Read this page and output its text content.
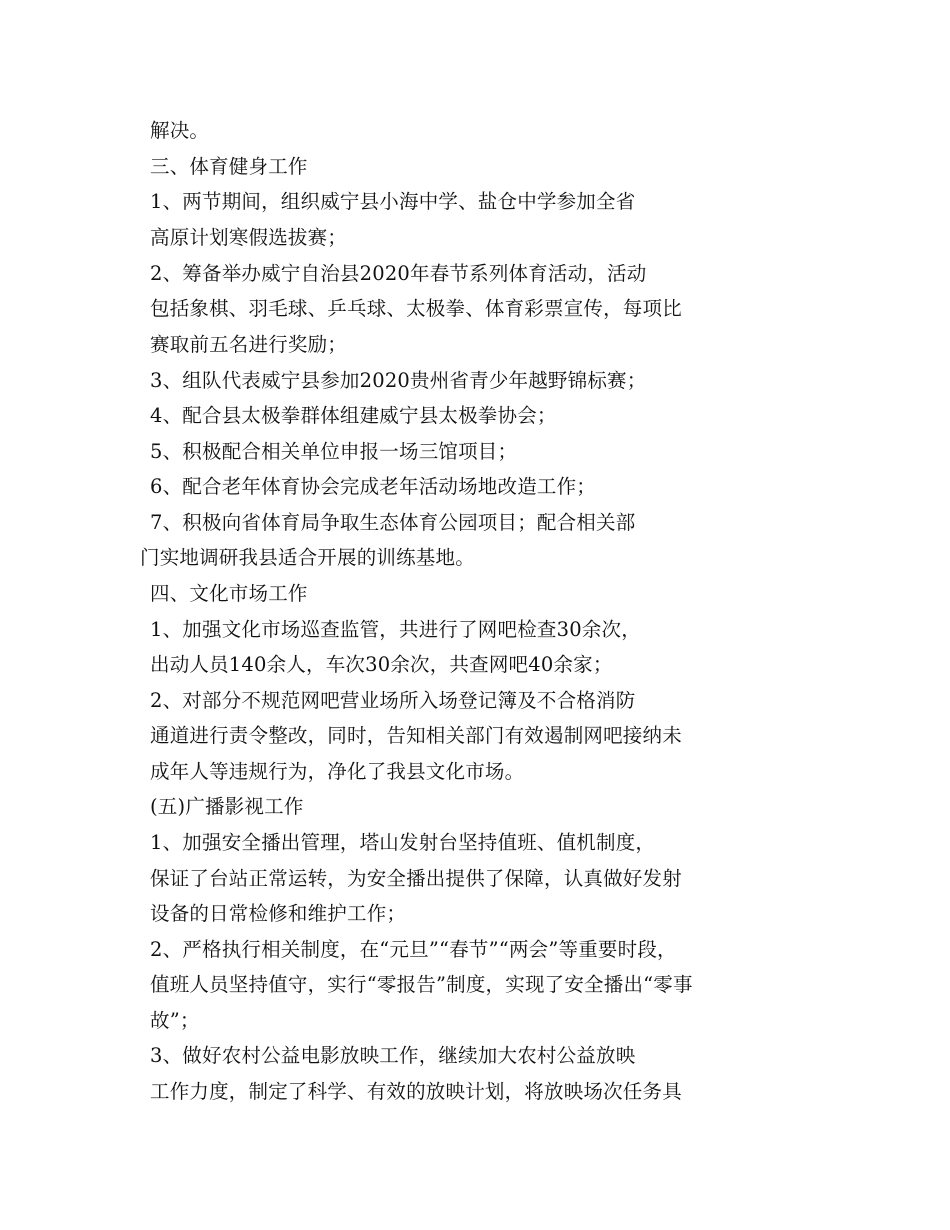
解决。
三、体育健身工作
1、两节期间，组织威宁县小海中学、盐仓中学参加全省
高原计划寒假选拔赛；
2、筹备举办威宁自治县2020年春节系列体育活动，活动
包括象棋、羽毛球、乒乓球、太极拳、体育彩票宣传，每项比
赛取前五名进行奖励；
3、组队代表威宁县参加2020贵州省青少年越野锦标赛；
4、配合县太极拳群体组建威宁县太极拳协会；
5、积极配合相关单位申报一场三馆项目；
6、配合老年体育协会完成老年活动场地改造工作；
7、积极向省体育局争取生态体育公园项目；配合相关部
门实地调研我县适合开展的训练基地。
四、文化市场工作
1、加强文化市场巡查监管，共进行了网吧检查30余次，
出动人员140余人，车次30余次，共查网吧40余家；
2、对部分不规范网吧营业场所入场登记簿及不合格消防
通道进行责令整改，同时，告知相关部门有效遏制网吧接纳未
成年人等违规行为，净化了我县文化市场。
(五)广播影视工作
1、加强安全播出管理，塔山发射台坚持值班、值机制度，
保证了台站正常运转，为安全播出提供了保障，认真做好发射
设备的日常检修和维护工作；
2、严格执行相关制度，在“元旦”“春节”“两会”等重要时段，
值班人员坚持值守，实行“零报告”制度，实现了安全播出“零事
故”；
3、做好农村公益电影放映工作，继续加大农村公益放映
工作力度，制定了科学、有效的放映计划，将放映场次任务具
